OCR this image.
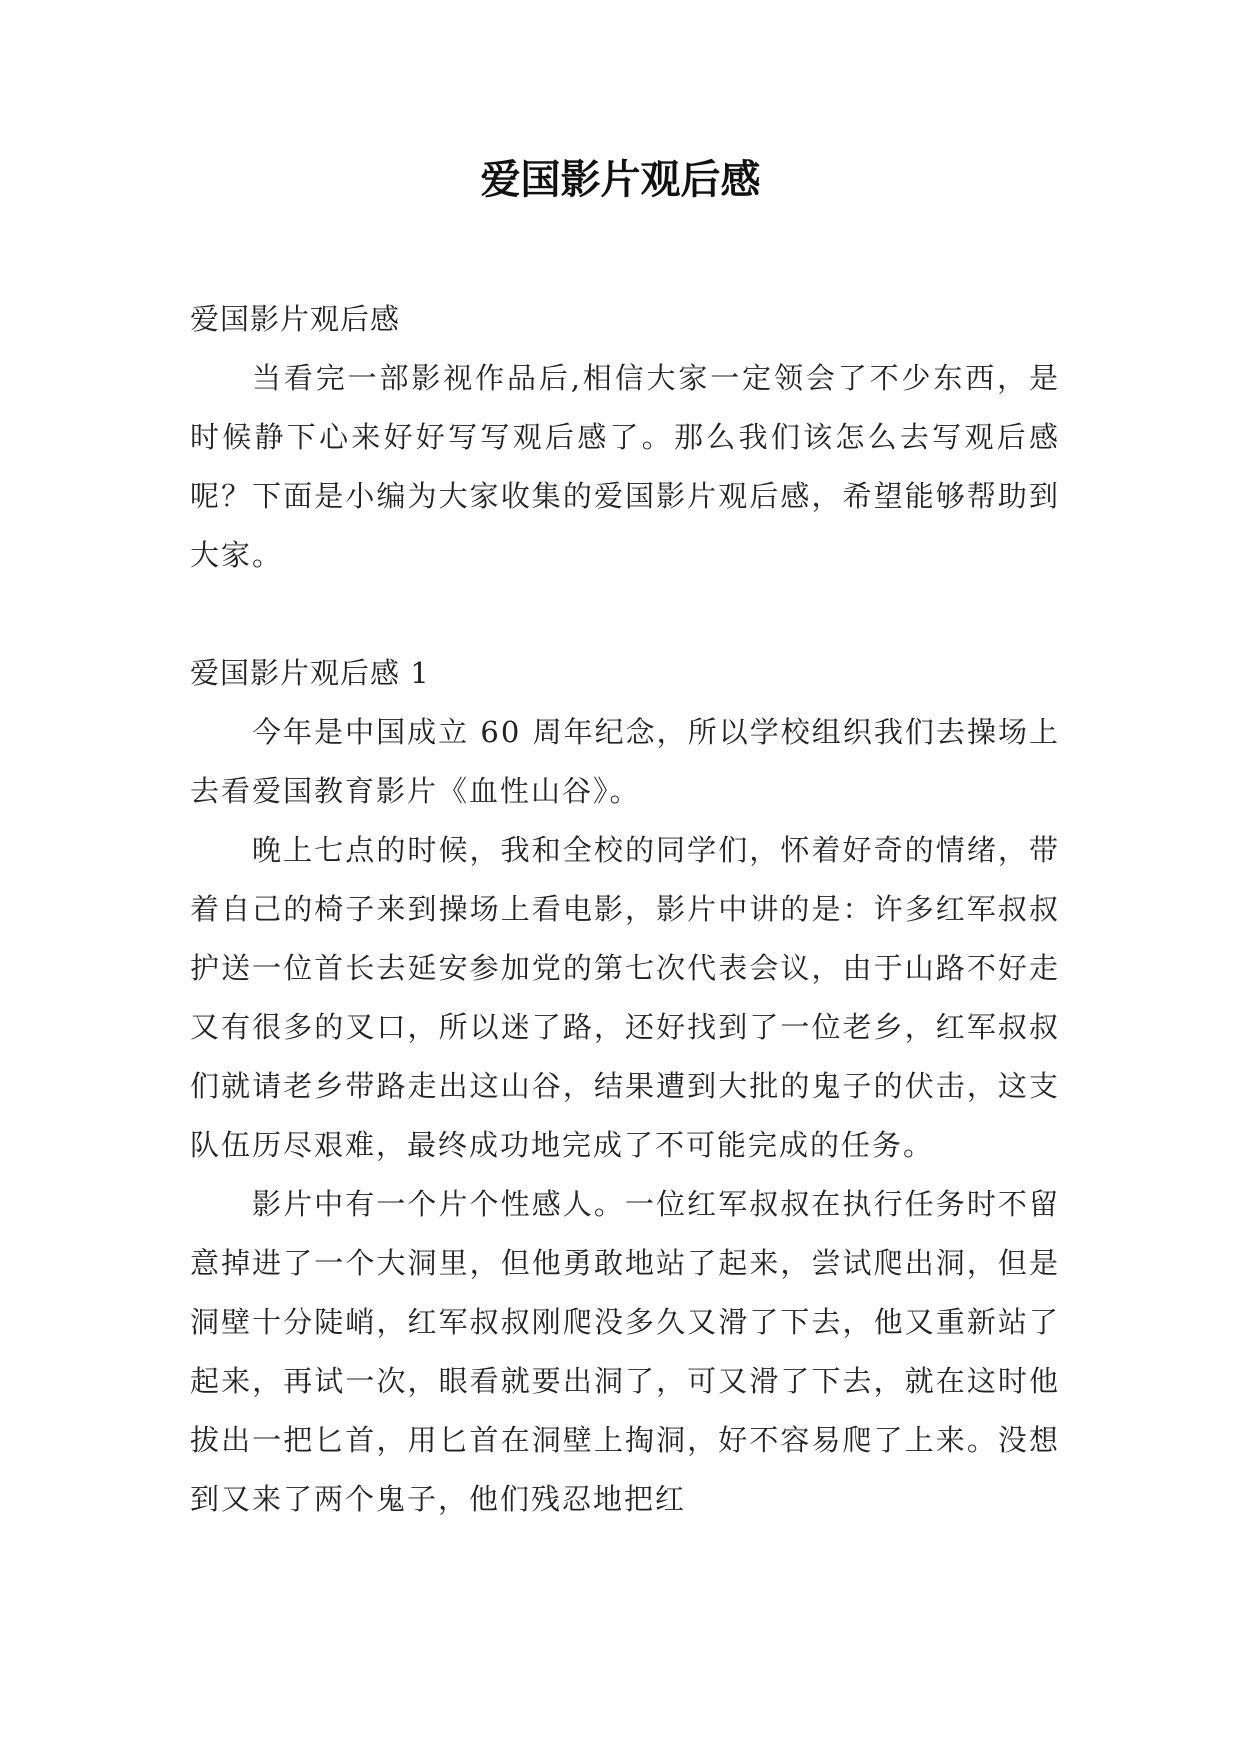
爱国影片观后感

爱国影片观后感

当看完一部影视作品后,相信大家一定领会了不少东西，是时候静下心来好好写写观后感了。那么我们该怎么去写观后感呢？下面是小编为大家收集的爱国影片观后感，希望能够帮助到大家。

爱国影片观后感 1

今年是中国成立 60 周年纪念，所以学校组织我们去操场上去看爱国教育影片《血性山谷》。

晚上七点的时候，我和全校的同学们，怀着好奇的情绪，带着自己的椅子来到操场上看电影，影片中讲的是：许多红军叔叔护送一位首长去延安参加党的第七次代表会议，由于山路不好走又有很多的叉口，所以迷了路，还好找到了一位老乡，红军叔叔们就请老乡带路走出这山谷，结果遭到大批的鬼子的伏击，这支队伍历尽艰难，最终成功地完成了不可能完成的任务。

影片中有一个片个性感人。一位红军叔叔在执行任务时不留意掉进了一个大洞里，但他勇敢地站了起来，尝试爬出洞，但是洞壁十分陡峭，红军叔叔刚爬没多久又滑了下去，他又重新站了起来，再试一次，眼看就要出洞了，可又滑了下去，就在这时他拔出一把匕首，用匕首在洞壁上掏洞，好不容易爬了上来。没想到又来了两个鬼子，他们残忍地把红
